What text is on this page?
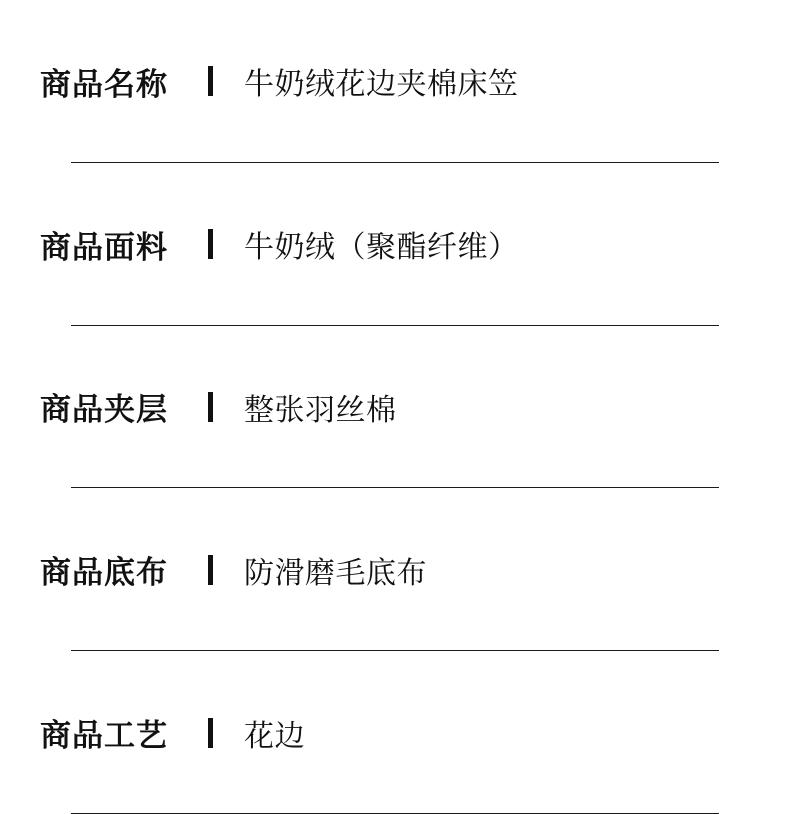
商品名称	牛奶绒花边夹棉床笠
商品面料	牛奶绒（聚酯纤维）
商品夹层	整张羽丝棉
商品底布	防滑磨毛底布
商品工艺	花边
